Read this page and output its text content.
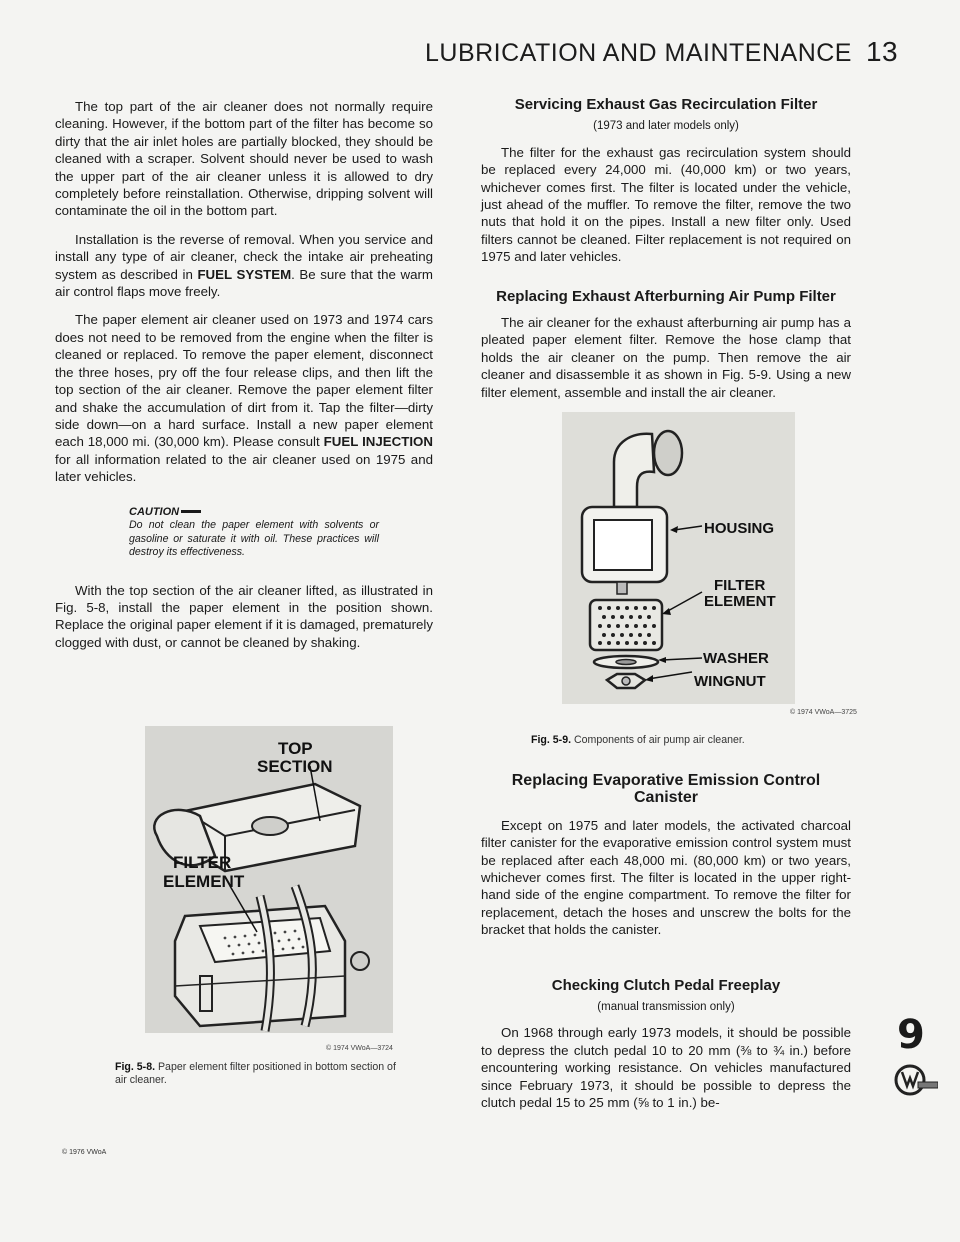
LUBRICATION AND MAINTENANCE 13

The top part of the air cleaner does not normally require cleaning. However, if the bottom part of the filter has become so dirty that the air inlet holes are partially blocked, they should be cleaned with a scraper. Solvent should never be used to wash the upper part of the air cleaner unless it is allowed to dry completely before reinstallation. Otherwise, dripping solvent will contaminate the oil in the bottom part.

Installation is the reverse of removal. When you service and install any type of air cleaner, check the intake air preheating system as described in FUEL SYSTEM. Be sure that the warm air control flaps move freely.

The paper element air cleaner used on 1973 and 1974 cars does not need to be removed from the engine when the filter is cleaned or replaced. To remove the paper element, disconnect the three hoses, pry off the four release clips, and then lift the top section of the air cleaner. Remove the paper element filter and shake the accumulation of dirt from it. Tap the filter—dirty side down—on a hard surface. Install a new paper element each 18,000 mi. (30,000 km). Please consult FUEL INJECTION for all information related to the air cleaner used on 1975 and later vehicles.

CAUTION
Do not clean the paper element with solvents or gasoline or saturate it with oil. These practices will destroy its effectiveness.

With the top section of the air cleaner lifted, as illustrated in Fig. 5-8, install the paper element in the position shown. Replace the original paper element if it is damaged, prematurely clogged with dust, or cannot be cleaned by shaking.

TOP
SECTION
FILTER
ELEMENT
© 1974 VWoA—3724
Fig. 5-8. Paper element filter positioned in bottom section of air cleaner.
Servicing Exhaust Gas Recirculation Filter
(1973 and later models only)

The filter for the exhaust gas recirculation system should be replaced every 24,000 mi. (40,000 km) or two years, whichever comes first. The filter is located under the vehicle, just ahead of the muffler. To remove the filter, remove the two nuts that hold it on the pipes. Install a new filter only. Used filters cannot be cleaned. Filter replacement is not required on 1975 and later vehicles.

Replacing Exhaust Afterburning Air Pump Filter

The air cleaner for the exhaust afterburning air pump has a pleated paper element filter. Remove the hose clamp that holds the air cleaner on the pump. Then remove the air cleaner and disassemble it as shown in Fig. 5-9. Using a new filter element, assemble and install the air cleaner.

HOUSING
FILTER
ELEMENT
WASHER
WINGNUT
© 1974 VWoA—3725
Fig. 5-9. Components of air pump air cleaner.
Replacing Evaporative Emission Control Canister

Except on 1975 and later models, the activated charcoal filter canister for the evaporative emission control system must be replaced after each 48,000 mi. (80,000 km) or two years, whichever comes first. The filter is located in the upper right-hand side of the engine compartment. To remove the filter for replacement, detach the hoses and unscrew the bolts for the bracket that holds the canister.

Checking Clutch Pedal Freeplay
(manual transmission only)

On 1968 through early 1973 models, it should be possible to depress the clutch pedal 10 to 20 mm (⅜ to ¾ in.) before encountering working resistance. On vehicles manufactured since February 1973, it should be possible to depress the clutch pedal 15 to 25 mm (⅝ to 1 in.) be-

© 1976 VWoA
9
